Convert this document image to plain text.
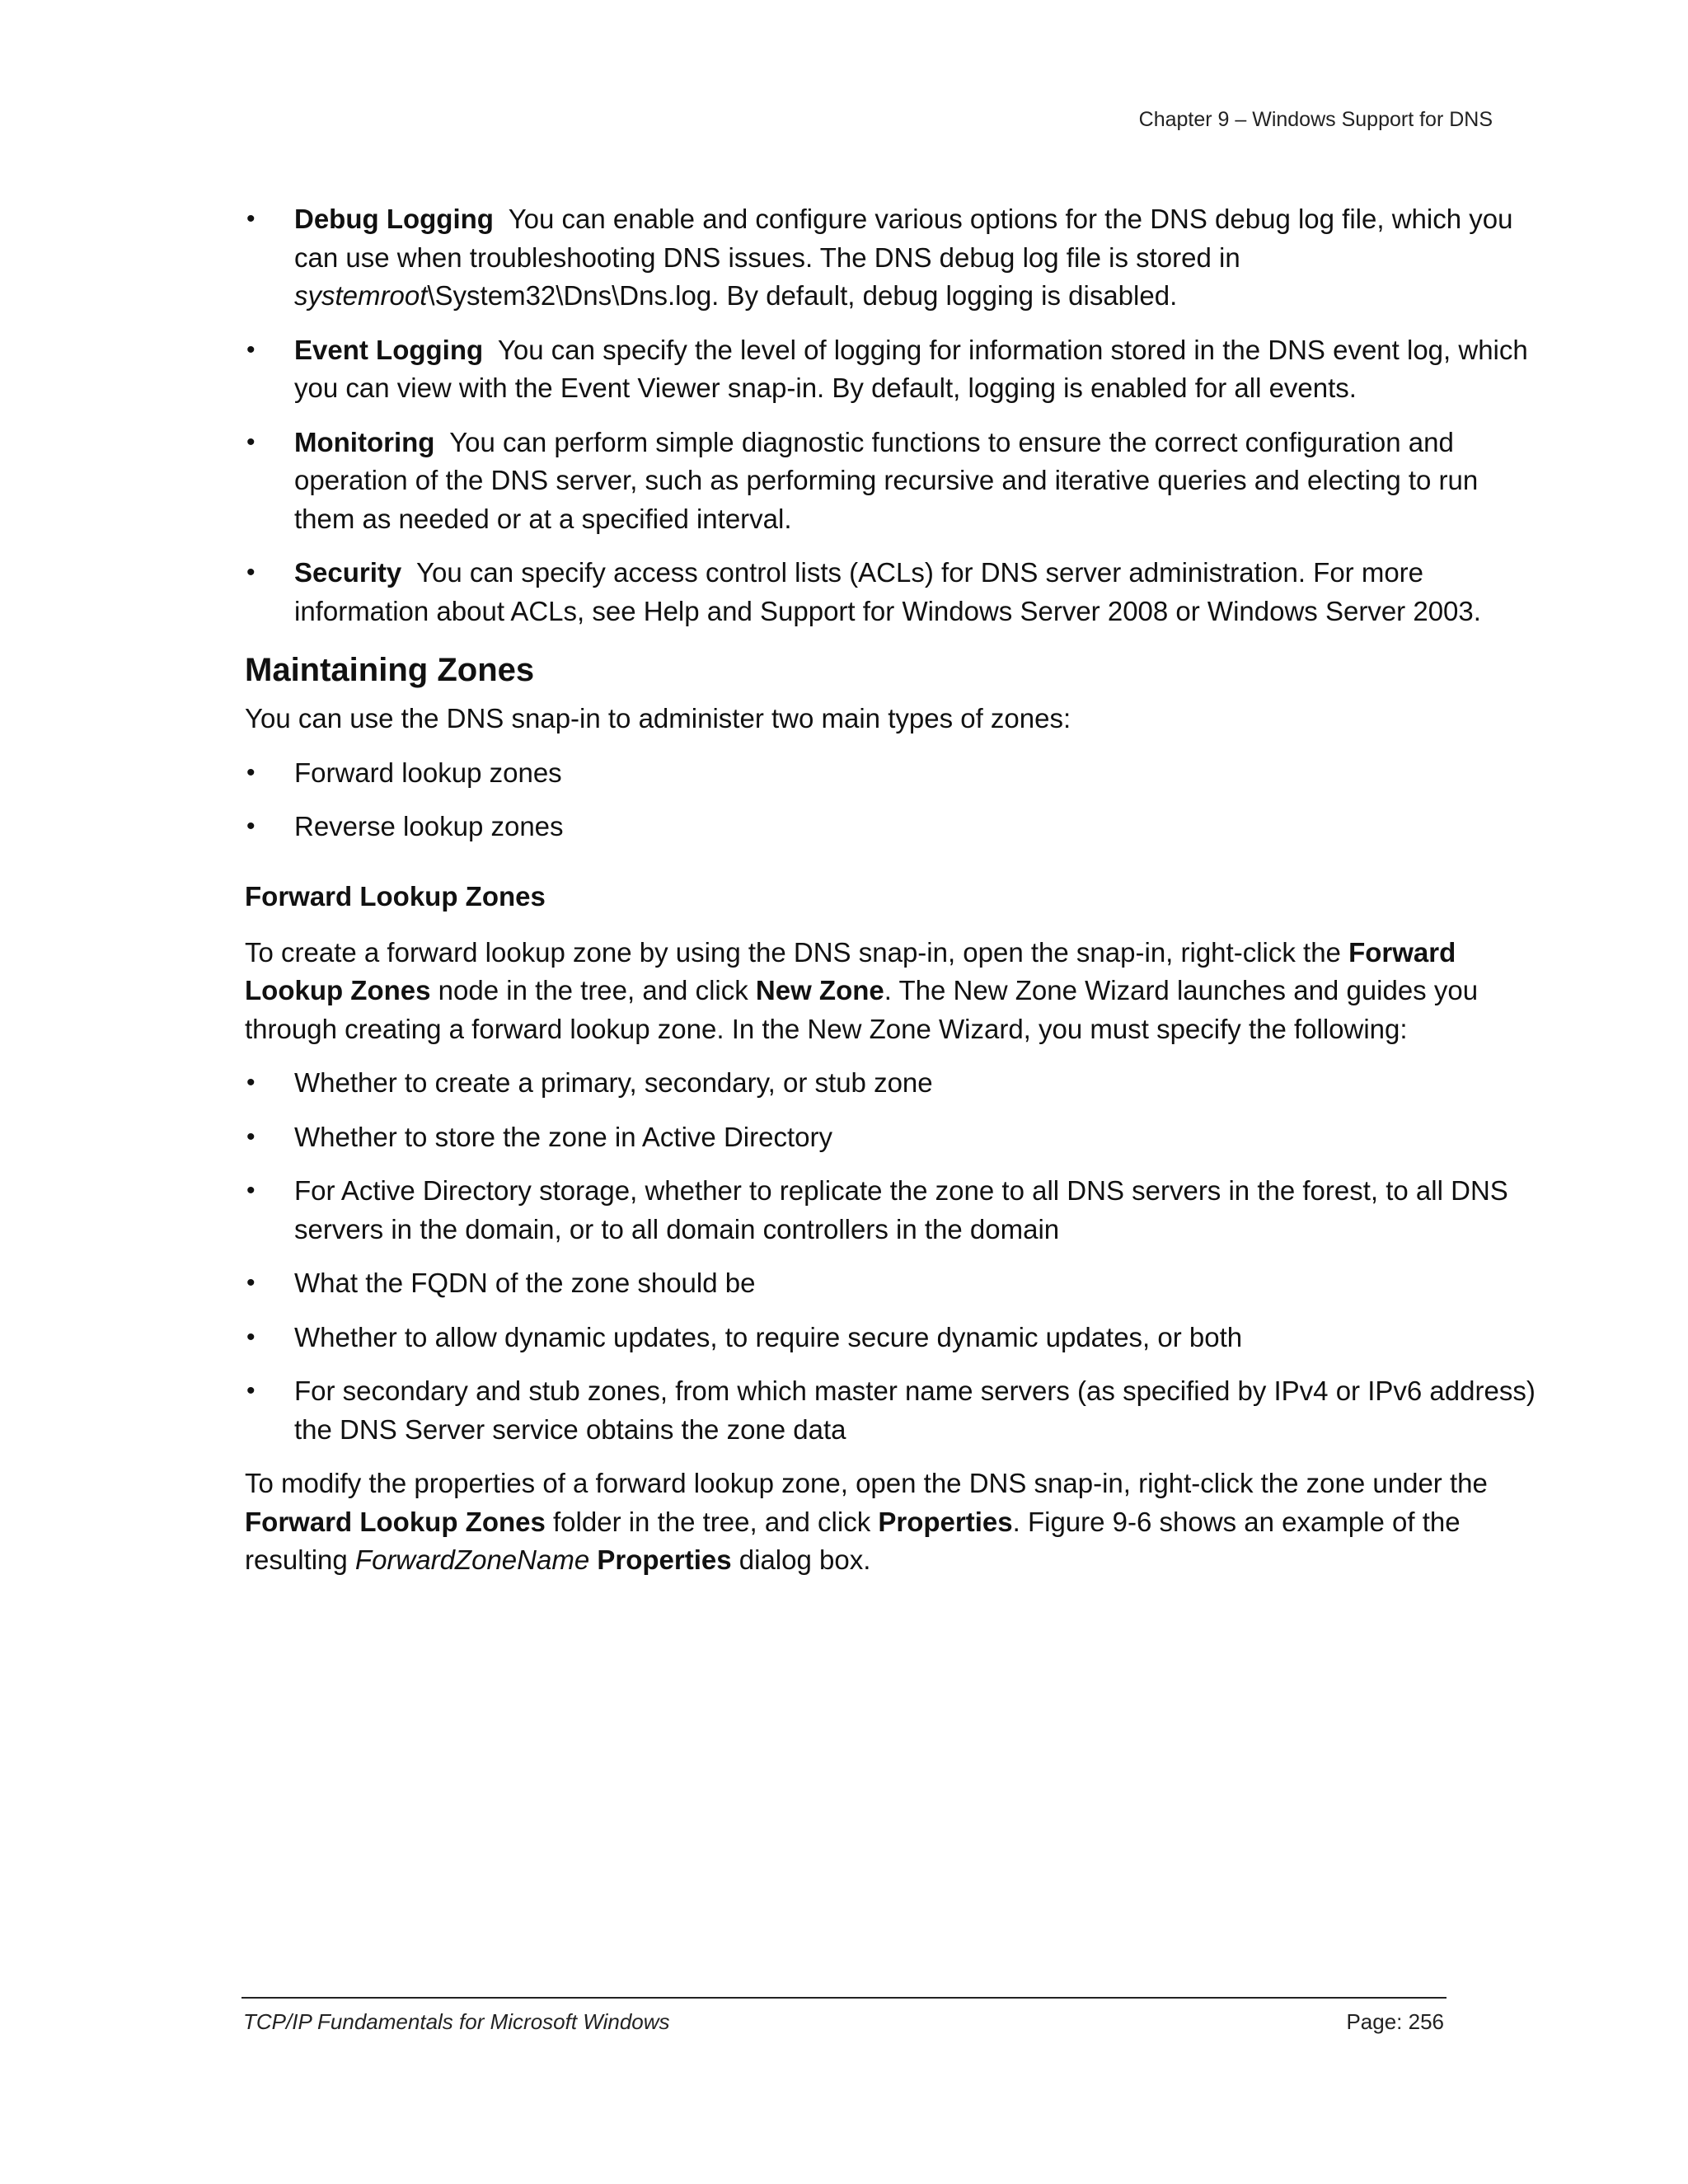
Chapter 9 – Windows Support for DNS
• Debug Logging You can enable and configure various options for the DNS debug log file, which you can use when troubleshooting DNS issues. The DNS debug log file is stored in systemroot\System32\Dns\Dns.log. By default, debug logging is disabled.
• Event Logging You can specify the level of logging for information stored in the DNS event log, which you can view with the Event Viewer snap-in. By default, logging is enabled for all events.
• Monitoring You can perform simple diagnostic functions to ensure the correct configuration and operation of the DNS server, such as performing recursive and iterative queries and electing to run them as needed or at a specified interval.
• Security You can specify access control lists (ACLs) for DNS server administration. For more information about ACLs, see Help and Support for Windows Server 2008 or Windows Server 2003.
Maintaining Zones

You can use the DNS snap-in to administer two main types of zones:

• Forward lookup zones
• Reverse lookup zones
Forward Lookup Zones

To create a forward lookup zone by using the DNS snap-in, open the snap-in, right-click the Forward Lookup Zones node in the tree, and click New Zone. The New Zone Wizard launches and guides you through creating a forward lookup zone. In the New Zone Wizard, you must specify the following:

• Whether to create a primary, secondary, or stub zone
• Whether to store the zone in Active Directory
• For Active Directory storage, whether to replicate the zone to all DNS servers in the forest, to all DNS servers in the domain, or to all domain controllers in the domain
• What the FQDN of the zone should be
• Whether to allow dynamic updates, to require secure dynamic updates, or both
• For secondary and stub zones, from which master name servers (as specified by IPv4 or IPv6 address) the DNS Server service obtains the zone data

To modify the properties of a forward lookup zone, open the DNS snap-in, right-click the zone under the Forward Lookup Zones folder in the tree, and click Properties. Figure 9-6 shows an example of the resulting ForwardZoneName Properties dialog box.

TCP/IP Fundamentals for Microsoft Windows	Page: 256
